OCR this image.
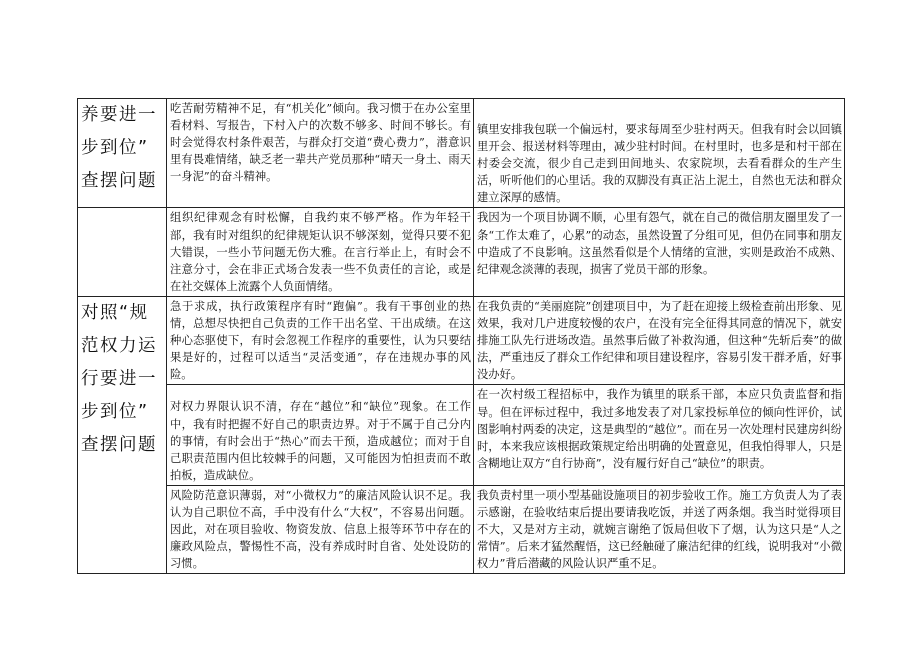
养要进一
步到位”
查摆问题	吃苦耐劳精神不足，有“机关化”倾向。我习惯于在办公室里看材料、写报告，下村入户的次数不够多、时间不够长。有时会觉得农村条件艰苦，与群众打交道“费心费力”，潜意识里有畏难情绪，缺乏老一辈共产党员那种“晴天一身土、雨天一身泥”的奋斗精神。	镇里安排我包联一个偏远村，要求每周至少驻村两天。但我有时会以回镇里开会、报送材料等理由，减少驻村时间。在村里时，也多是和村干部在村委会交流，很少自己走到田间地头、农家院坝，去看看群众的生产生活，听听他们的心里话。我的双脚没有真正沾上泥土，自然也无法和群众建立深厚的感情。

	组织纪律观念有时松懈，自我约束不够严格。作为年轻干部，我有时对组织的纪律规矩认识不够深刻，觉得只要不犯大错误，一些小节问题无伤大雅。在言行举止上，有时会不注意分寸，会在非正式场合发表一些不负责任的言论，或是在社交媒体上流露个人负面情绪。	我因为一个项目协调不顺，心里有怨气，就在自己的微信朋友圈里发了一条“工作太难了，心累”的动态，虽然设置了分组可见，但仍在同事和朋友中造成了不良影响。这虽然看似是个人情绪的宣泄，实则是政治不成熟、纪律观念淡薄的表现，损害了党员干部的形象。

对照“规
范权力运
行要进一
步到位”
查摆问题	急于求成，执行政策程序有时“跑偏”。我有干事创业的热情，总想尽快把自己负责的工作干出名堂、干出成绩。在这种心态驱使下，有时会忽视工作程序的重要性，认为只要结果是好的，过程可以适当“灵活变通”，存在违规办事的风险。	在我负责的“美丽庭院”创建项目中，为了赶在迎接上级检查前出形象、见效果，我对几户进度较慢的农户，在没有完全征得其同意的情况下，就安排施工队先行进场改造。虽然事后做了补救沟通，但这种“先斩后奏”的做法，严重违反了群众工作纪律和项目建设程序，容易引发干群矛盾，好事没办好。

	对权力界限认识不清，存在“越位”和“缺位”现象。在工作中，我有时把握不好自己的职责边界。对于不属于自己分内的事情，有时会出于“热心”而去干预，造成越位；而对于自己职责范围内但比较棘手的问题，又可能因为怕担责而不敢拍板，造成缺位。	在一次村级工程招标中，我作为镇里的联系干部，本应只负责监督和指导。但在评标过程中，我过多地发表了对几家投标单位的倾向性评价，试图影响村两委的决定，这是典型的“越位”。而在另一次处理村民建房纠纷时，本来我应该根据政策规定给出明确的处置意见，但我怕得罪人，只是含糊地让双方“自行协商”，没有履行好自己“缺位”的职责。

	风险防范意识薄弱，对“小微权力”的廉洁风险认识不足。我认为自己职位不高，手中没有什么“大权”，不容易出问题。因此，对在项目验收、物资发放、信息上报等环节中存在的廉政风险点，警惕性不高，没有养成时时自省、处处设防的习惯。	我负责村里一项小型基础设施项目的初步验收工作。施工方负责人为了表示感谢，在验收结束后提出要请我吃饭，并送了两条烟。我当时觉得项目不大，又是对方主动，就婉言谢绝了饭局但收下了烟，认为这只是“人之常情”。后来才猛然醒悟，这已经触碰了廉洁纪律的红线，说明我对“小微权力”背后潜藏的风险认识严重不足。
